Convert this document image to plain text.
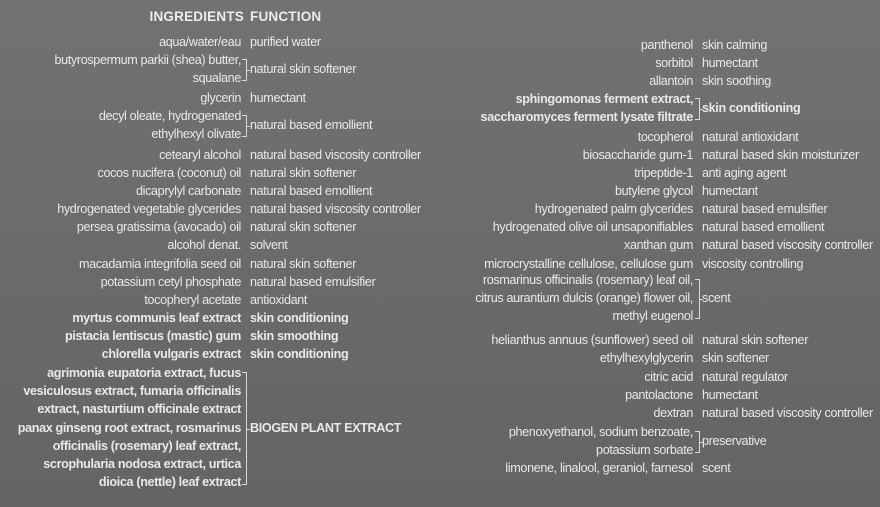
INGREDIENTS FUNCTION
aqua/water/eau purified water
butyrospermum parkii (shea) butter,
squalane
natural skin softener
glycerin humectant
decyl oleate, hydrogenated
ethylhexyl olivate
natural based emollient
cetearyl alcohol natural based viscosity controller
cocos nucifera (coconut) oil natural skin softener
dicaprylyl carbonate natural based emollient
hydrogenated vegetable glycerides natural based viscosity controller
persea gratissima (avocado) oil natural skin softener
alcohol denat. solvent
macadamia integrifolia seed oil natural skin softener
potassium cetyl phosphate natural based emulsifier
tocopheryl acetate antioxidant
myrtus communis leaf extract skin conditioning
pistacia lentiscus (mastic) gum skin smoothing
chlorella vulgaris extract skin conditioning
agrimonia eupatoria extract, fucus
vesiculosus extract, fumaria officinalis
extract, nasturtium officinale extract
panax ginseng root extract, rosmarinus
officinalis (rosemary) leaf extract,
scrophularia nodosa extract, urtica
dioica (nettle) leaf extract
BIOGEN PLANT EXTRACT
panthenol skin calming
sorbitol humectant
allantoin skin soothing
sphingomonas ferment extract,
saccharomyces ferment lysate filtrate
skin conditioning
tocopherol natural antioxidant
biosaccharide gum-1 natural based skin moisturizer
tripeptide-1 anti aging agent
butylene glycol humectant
hydrogenated palm glycerides natural based emulsifier
hydrogenated olive oil unsaponifiables natural based emollient
xanthan gum natural based viscosity controller
microcrystalline cellulose, cellulose gum viscosity controlling
rosmarinus officinalis (rosemary) leaf oil,
citrus aurantium dulcis (orange) flower oil,
methyl eugenol
scent
helianthus annuus (sunflower) seed oil natural skin softener
ethylhexylglycerin skin softener
citric acid natural regulator
pantolactone humectant
dextran natural based viscosity controller
phenoxyethanol, sodium benzoate,
potassium sorbate
preservative
limonene, linalool, geraniol, farnesol scent
